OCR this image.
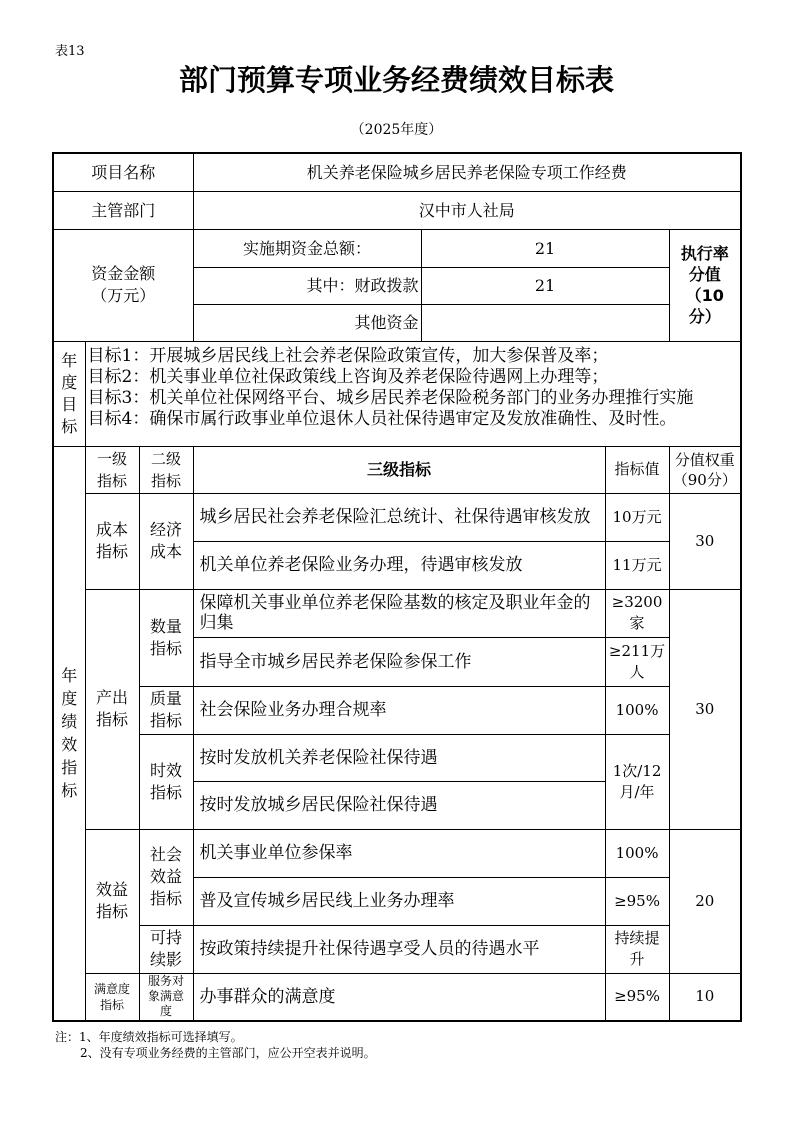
表13
部门预算专项业务经费绩效目标表
（2025年度）
项目名称			机关养老保险城乡居民养老保险专项工作经费			
主管部门			汉中市人社局			

资金金额（万元）			实施期资金总额：	21		执行率分值（10分）

			其中：财政拨款	21		
			其他资金			

年度目标	目标1：开展城乡居民线上社会养老保险政策宣传，加大参保普及率；
目标2：机关事业单位社保政策线上咨询及养老保险待遇网上办理等；
目标3：机关单位社保网络平台、城乡居民养老保险税务部门的业务办理推行实施
目标4：确保市属行政事业单位退休人员社保待遇审定及发放准确性、及时性。					

年度绩效指标	一级指标	二级指标	三级指标		指标值	分值权重（90分）

	成本指标	经济成本	城乡居民社会养老保险汇总统计、社保待遇审核发放		10万元	30
			机关单位养老保险业务办理，待遇审核发放		11万元	

	产出指标	数量指标	保障机关事业单位养老保险基数的核定及职业年金的归集		≥3200家	30
			指导全市城乡居民养老保险参保工作		≥211万人	

		质量指标	社会保险业务办理合规率		100%	

		时效指标	按时发放机关养老保险社保待遇		1次/12月/年	

			按时发放城乡居民保险社保待遇			

	效益指标	社会效益指标	机关事业单位参保率		100%	20
			普及宣传城乡居民线上业务办理率		≥95%	

		可持续影	按政策持续提升社保待遇享受人员的待遇水平		持续提升	

	满意度指标	服务对象满意度	办事群众的满意度		≥95%	10
注：1、年度绩效指标可选择填写。
2、没有专项业务经费的主管部门，应公开空表并说明。
